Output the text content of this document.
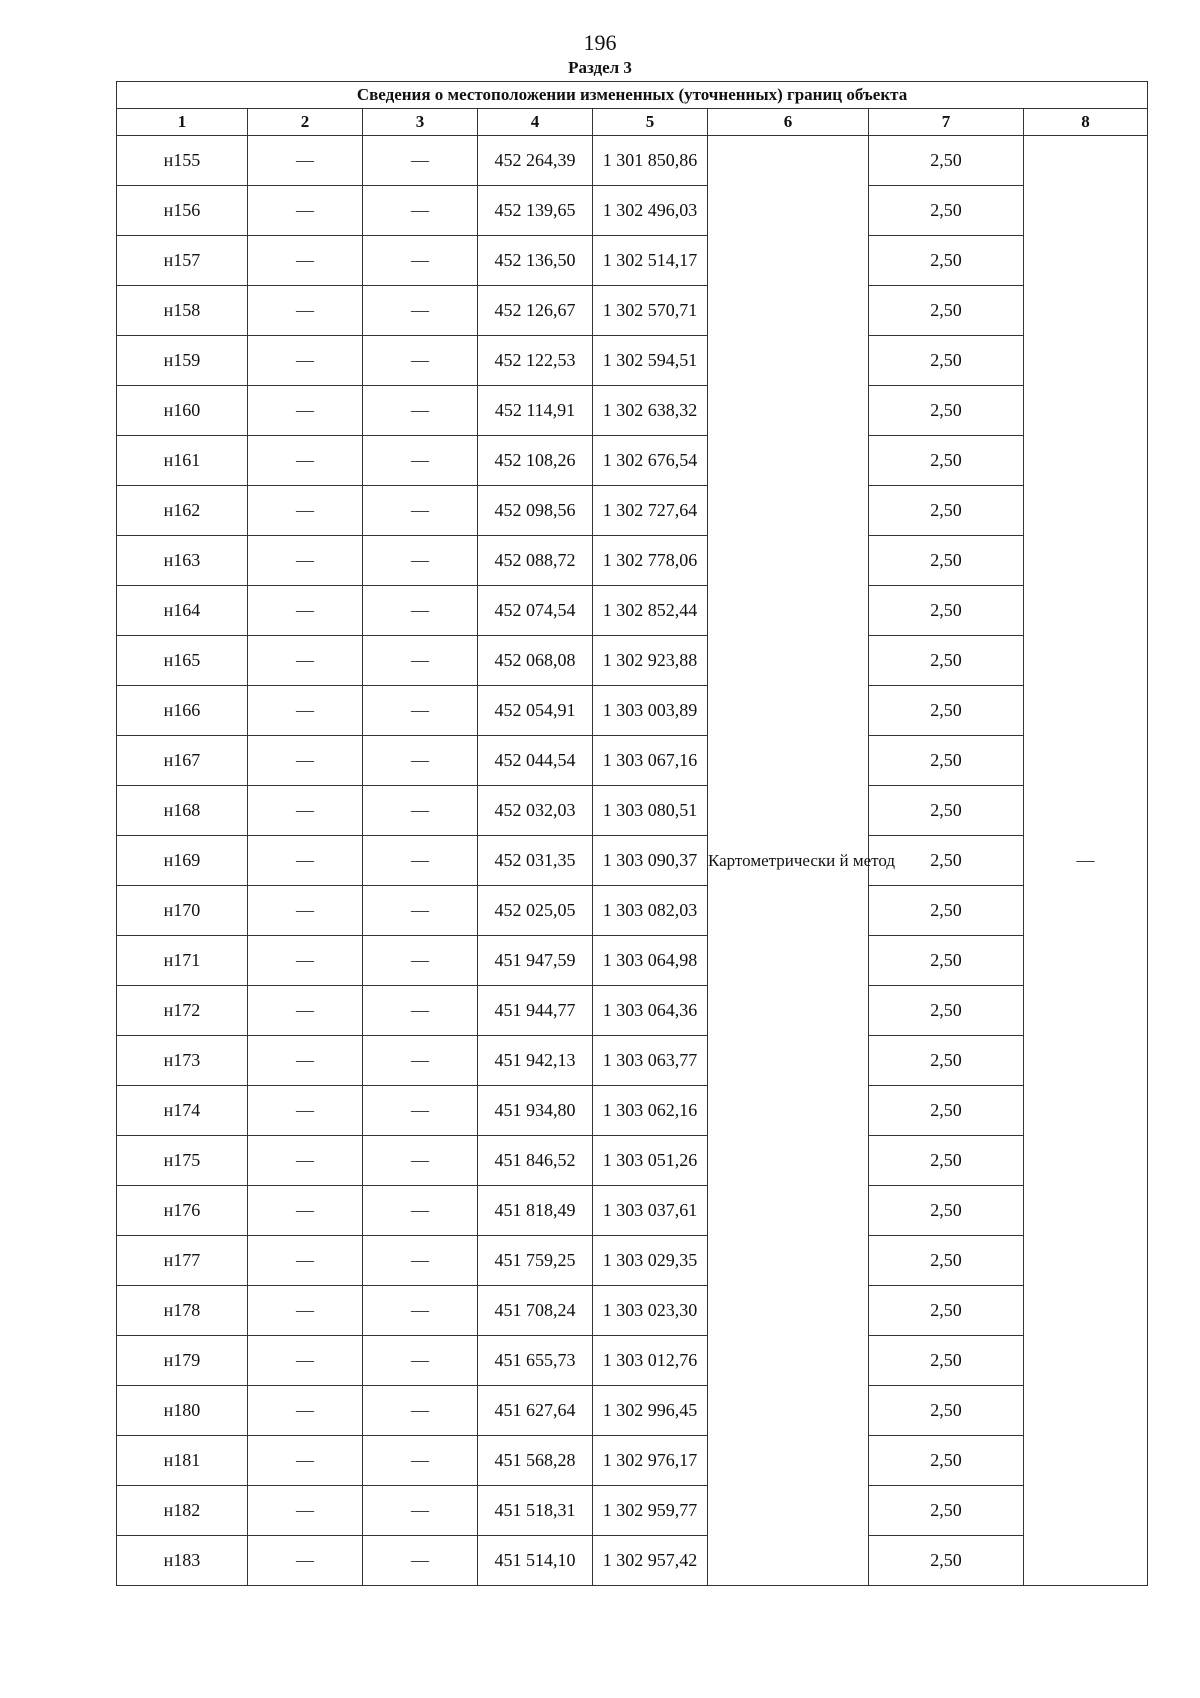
196
Раздел 3
Сведения о местоположении измененных (уточненных) границ объекта							
1	2	3	4	5	6	7	8
н155	—	—	452 264,39	1 301 850,86	Картометрически й метод	2,50	—
н156	—	—	452 139,65	1 302 496,03		2,50	
н157	—	—	452 136,50	1 302 514,17		2,50	
н158	—	—	452 126,67	1 302 570,71		2,50	
н159	—	—	452 122,53	1 302 594,51		2,50	
н160	—	—	452 114,91	1 302 638,32		2,50	
н161	—	—	452 108,26	1 302 676,54		2,50	
н162	—	—	452 098,56	1 302 727,64		2,50	
н163	—	—	452 088,72	1 302 778,06		2,50	
н164	—	—	452 074,54	1 302 852,44		2,50	
н165	—	—	452 068,08	1 302 923,88		2,50	
н166	—	—	452 054,91	1 303 003,89		2,50	
н167	—	—	452 044,54	1 303 067,16		2,50	
н168	—	—	452 032,03	1 303 080,51		2,50	
н169	—	—	452 031,35	1 303 090,37		2,50	
н170	—	—	452 025,05	1 303 082,03		2,50	
н171	—	—	451 947,59	1 303 064,98		2,50	
н172	—	—	451 944,77	1 303 064,36		2,50	
н173	—	—	451 942,13	1 303 063,77		2,50	
н174	—	—	451 934,80	1 303 062,16		2,50	
н175	—	—	451 846,52	1 303 051,26		2,50	
н176	—	—	451 818,49	1 303 037,61		2,50	
н177	—	—	451 759,25	1 303 029,35		2,50	
н178	—	—	451 708,24	1 303 023,30		2,50	
н179	—	—	451 655,73	1 303 012,76		2,50	
н180	—	—	451 627,64	1 302 996,45		2,50	
н181	—	—	451 568,28	1 302 976,17		2,50	
н182	—	—	451 518,31	1 302 959,77		2,50	
н183	—	—	451 514,10	1 302 957,42		2,50	
